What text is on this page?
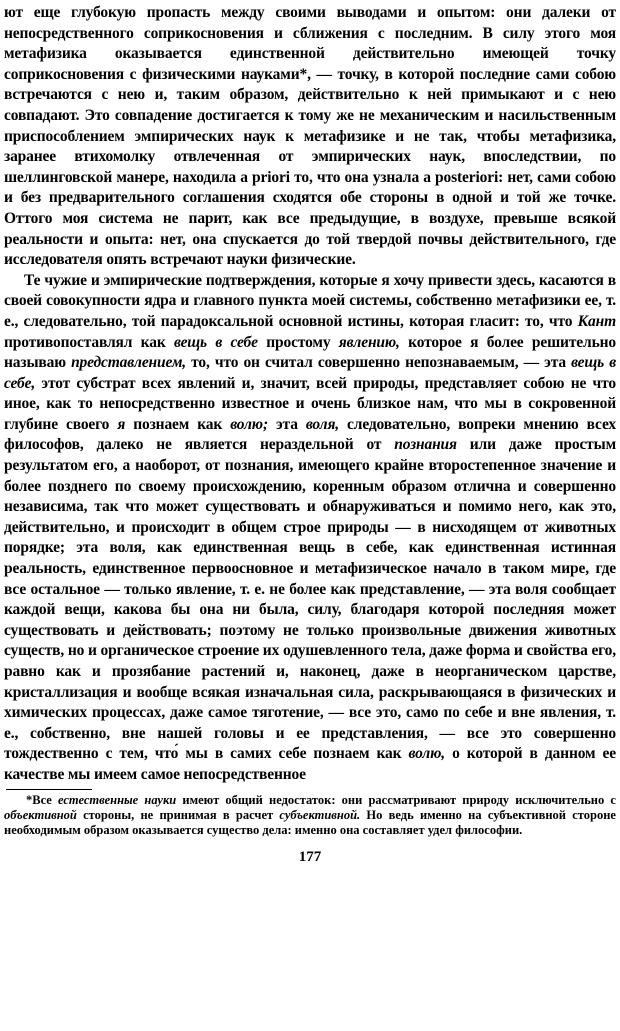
ют еще глубокую пропасть между своими выводами и опытом: они далеки от непосредственного соприкосновения и сближения с последним. В силу этого моя метафизика оказывается единственной действительно имеющей точку соприкосновения с физическими науками*, — точку, в которой последние сами собою встречаются с нею и, таким образом, действительно к ней примыкают и с нею совпадают. Это совпадение достигается к тому же не механическим и насильственным приспособлением эмпирических наук к метафизике и не так, чтобы метафизика, заранее втихомолку отвлеченная от эмпирических наук, впоследствии, по шеллинговской манере, находила a priori то, что она узнала a posteriori: нет, сами собою и без предварительного соглашения сходятся обе стороны в одной и той же точке. Оттого моя система не парит, как все предыдущие, в воздухе, превыше всякой реальности и опыта: нет, она спускается до той твердой почвы действительного, где исследователя опять встречают науки физические.

Те чужие и эмпирические подтверждения, которые я хочу привести здесь, касаются в своей совокупности ядра и главного пункта моей системы, собственно метафизики ее, т. е., следовательно, той парадоксальной основной истины, которая гласит: то, что Кант противопоставлял как вещь в себе простому явлению, которое я более решительно называю представлением, то, что он считал совершенно непознаваемым, — эта вещь в себе, этот субстрат всех явлений и, значит, всей природы, представляет собою не что иное, как то непосредственно известное и очень близкое нам, что мы в сокровенной глубине своего я познаем как волю; эта воля, следовательно, вопреки мнению всех философов, далеко не является нераздельной от познания или даже простым результатом его, а наоборот, от познания, имеющего крайне второстепенное значение и более позднего по своему происхождению, коренным образом отлична и совершенно независима, так что может существовать и обнаруживаться и помимо него, как это, действительно, и происходит в общем строе природы — в нисходящем от животных порядке; эта воля, как единственная вещь в себе, как единственная истинная реальность, единственное первоосновное и метафизическое начало в таком мире, где все остальное — только явление, т. е. не более как представление, — эта воля сообщает каждой вещи, какова бы она ни была, силу, благодаря которой последняя может существовать и действовать; поэтому не только произвольные движения животных существ, но и органическое строение их одушевленного тела, даже форма и свойства его, равно как и прозябание растений и, наконец, даже в неорганическом царстве, кристаллизация и вообще всякая изначальная сила, раскрывающаяся в физических и химических процессах, даже самое тяготение, — все это, само по себе и вне явления, т. е., собственно, вне нашей головы и ее представления, — все это совершенно тождественно с тем, что́ мы в самих себе познаем как волю, о которой в данном ее качестве мы имеем самое непосредственное

*Все естественные науки имеют общий недостаток: они рассматривают природу исключительно с объективной стороны, не принимая в расчет субъективной. Но ведь именно на субъективной стороне необходимым образом оказывается существо дела: именно она составляет удел философии.

177
